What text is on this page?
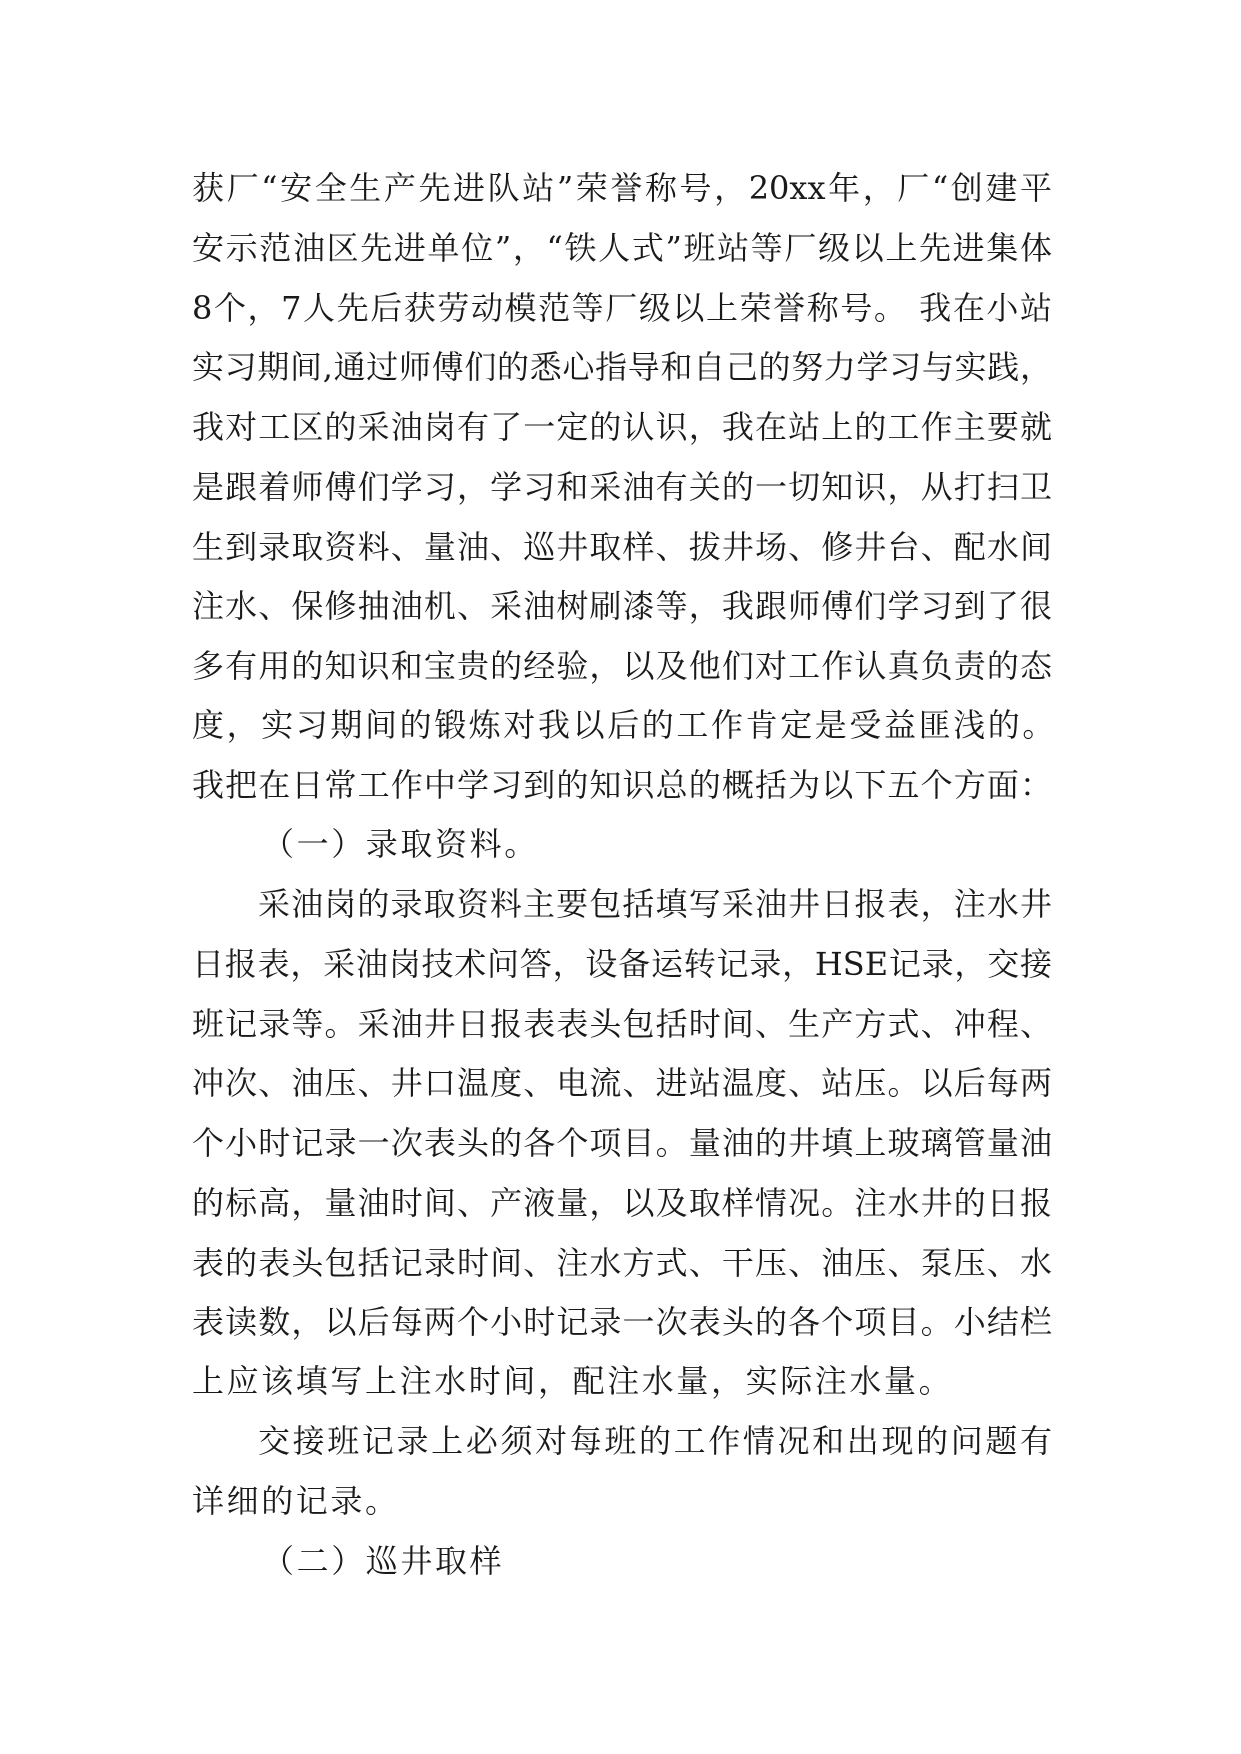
获厂“安全生产先进队站”荣誉称号，20xx年，厂“创建平
安示范油区先进单位”，“铁人式”班站等厂级以上先进集体
8个，7人先后获劳动模范等厂级以上荣誉称号。 我在小站
实习期间,通过师傅们的悉心指导和自己的努力学习与实践，
我对工区的采油岗有了一定的认识，我在站上的工作主要就
是跟着师傅们学习，学习和采油有关的一切知识，从打扫卫
生到录取资料、量油、巡井取样、拔井场、修井台、配水间
注水、保修抽油机、采油树刷漆等，我跟师傅们学习到了很
多有用的知识和宝贵的经验，以及他们对工作认真负责的态
度，实习期间的锻炼对我以后的工作肯定是受益匪浅的。
我把在日常工作中学习到的知识总的概括为以下五个方面：
（一）录取资料。
采油岗的录取资料主要包括填写采油井日报表，注水井
日报表，采油岗技术问答，设备运转记录，HSE记录，交接
班记录等。采油井日报表表头包括时间、生产方式、冲程、
冲次、油压、井口温度、电流、进站温度、站压。以后每两
个小时记录一次表头的各个项目。量油的井填上玻璃管量油
的标高，量油时间、产液量，以及取样情况。注水井的日报
表的表头包括记录时间、注水方式、干压、油压、泵压、水
表读数，以后每两个小时记录一次表头的各个项目。小结栏
上应该填写上注水时间，配注水量，实际注水量。
交接班记录上必须对每班的工作情况和出现的问题有
详细的记录。
（二）巡井取样
